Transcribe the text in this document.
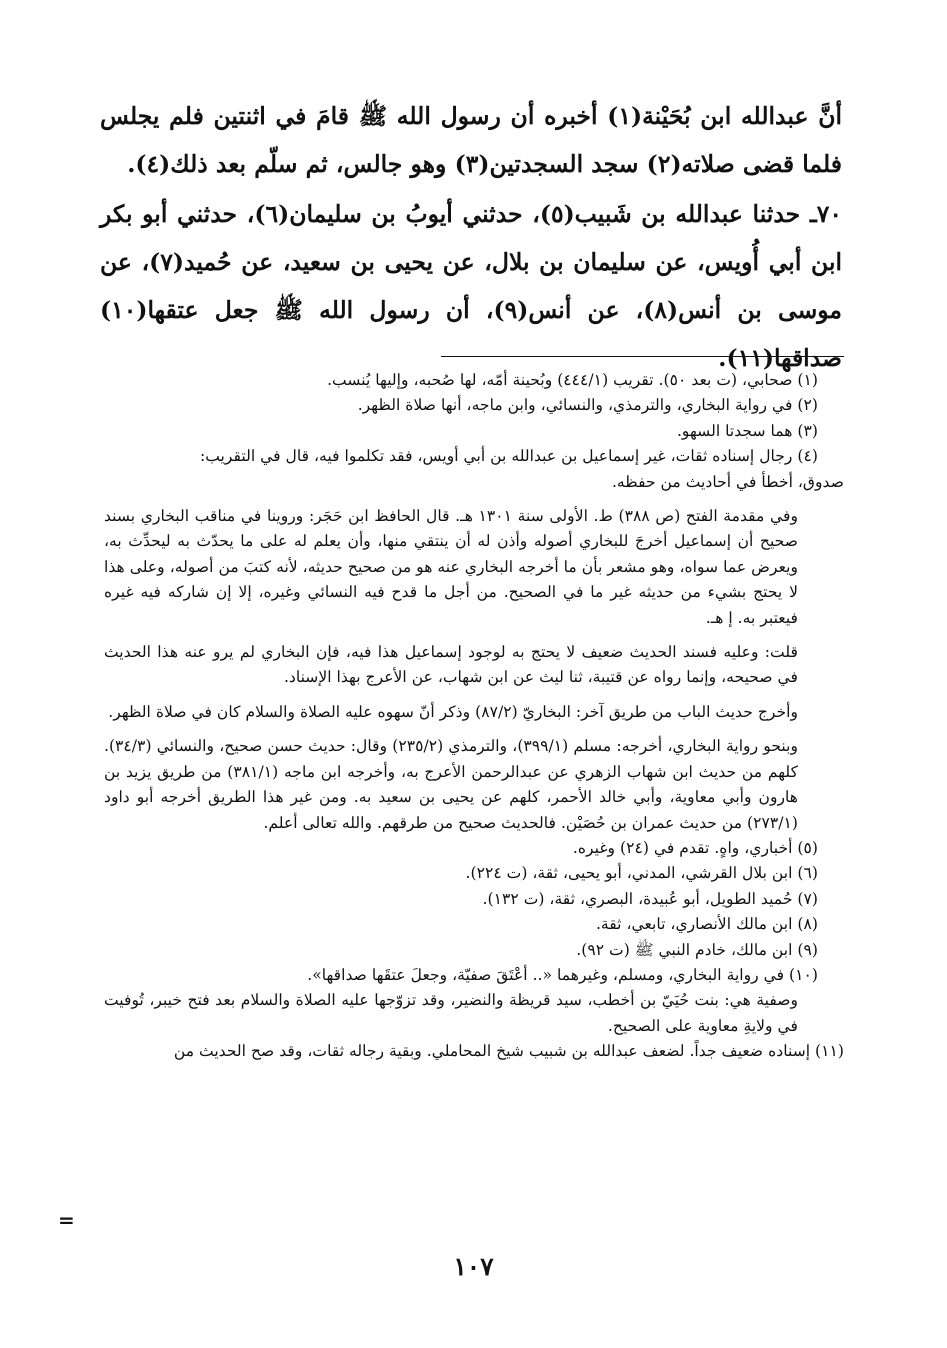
أنَّ عبدالله ابن بُحَيْنة(١) أخبره أن رسول الله ﷺ قامَ في اثنتين فلم يجلس فلما قضى صلاته(٢) سجد السجدتين(٣) وهو جالس، ثم سلّم بعد ذلك(٤).

٧٠ـ حدثنا عبدالله بن شَبيب(٥)، حدثني أيوبُ بن سليمان(٦)، حدثني أبو بكر ابن أبي أُويس، عن سليمان بن بلال، عن يحيى بن سعيد، عن حُميد(٧)، عن موسى بن أنس(٨)، عن أنس(٩)، أن رسول الله ﷺ جعل عتقها(١٠) صداقها(١١).

(١) صحابي، (ت بعد ٥٠). تقريب (٤٤٤/١) وبُحينة أمّه، لها صُحبه، وإليها يُنسب.

(٢) في رواية البخاري، والترمذي، والنسائي، وابن ماجه، أنها صلاة الظهر.

(٣) هما سجدتا السهو.

(٤) رجال إسناده ثقات، غير إسماعيل بن عبدالله بن أبي أويس، فقد تكلموا فيه، قال في التقريب:

صدوق، أخطأ في أحاديث من حفظه.

وفي مقدمة الفتح (ص ٣٨٨) ط. الأولى سنة ١٣٠١ هـ. قال الحافظ ابن حَجَر: وروينا في مناقب البخاري بسند صحيح أن إسماعيل أخرجَ للبخاري أصوله وأذن له أن ينتقي منها، وأن يعلم له على ما يحدّث به ليحدِّث به، ويعرض عما سواه، وهو مشعر بأن ما أخرجه البخاري عنه هو من صحيح حديثه، لأنه كتبَ من أصوله، وعلى هذا لا يحتج بشيء من حديثه غير ما في الصحيح. من أجل ما قدح فيه النسائي وغيره، إلا إن شاركه فيه غيره فيعتبر به. إ هـ.

قلت: وعليه فسند الحديث ضعيف لا يحتج به لوجود إسماعيل هذا فيه، فإن البخاري لم يرو عنه هذا الحديث في صحيحه، وإنما رواه عن قتيبة، ثنا ليث عن ابن شهاب، عن الأعرج بهذا الإسناد.

وأخرج حديث الباب من طريق آخر: البخاريّ (٨٧/٢) وذكر أنّ سهوه عليه الصلاة والسلام كان في صلاة الظهر.

وبنحو رواية البخاري، أخرجه: مسلم (٣٩٩/١)، والترمذي (٢٣٥/٢) وقال: حديث حسن صحيح، والنسائي (٣٤/٣). كلهم من حديث ابن شهاب الزهري عن عبدالرحمن الأعرج به، وأخرجه ابن ماجه (٣٨١/١) من طريق يزيد بن هارون وأبي معاوية، وأبي خالد الأحمر، كلهم عن يحيى بن سعيد به. ومن غير هذا الطريق أخرجه أبو داود (٢٧٣/١) من حديث عمران بن حُصَيْن. فالحديث صحيح من طرقهم. والله تعالى أعلم.

(٥) أخباري، واهٍ. تقدم في (٢٤) وغيره.

(٦) ابن بلال القرشي، المدني، أبو يحيى، ثقة، (ت ٢٢٤).

(٧) حُميد الطويل، أبو عُبيدة، البصري، ثقة، (ت ١٣٢).

(٨) ابن مالك الأنصاري، تابعي، ثقة.

(٩) ابن مالك، خادم النبي ﷺ (ت ٩٢).

(١٠) في رواية البخاري، ومسلم، وغيرهما «.. أعْتَقَ صفيّة، وجعلَ عتقَها صداقها».

وصفية هي: بنت حُيَيّ بن أخطب، سيد قريظة والنضير، وقد تزوّجها عليه الصلاة والسلام بعد فتح خيبر، تُوفيت في ولايةِ معاوية على الصحيح.

(١١) إسناده ضعيف جداً. لضعف عبدالله بن شبيب شيخ المحاملي. وبقية رجاله ثقات، وقد صح الحديث من

=
١٠٧
